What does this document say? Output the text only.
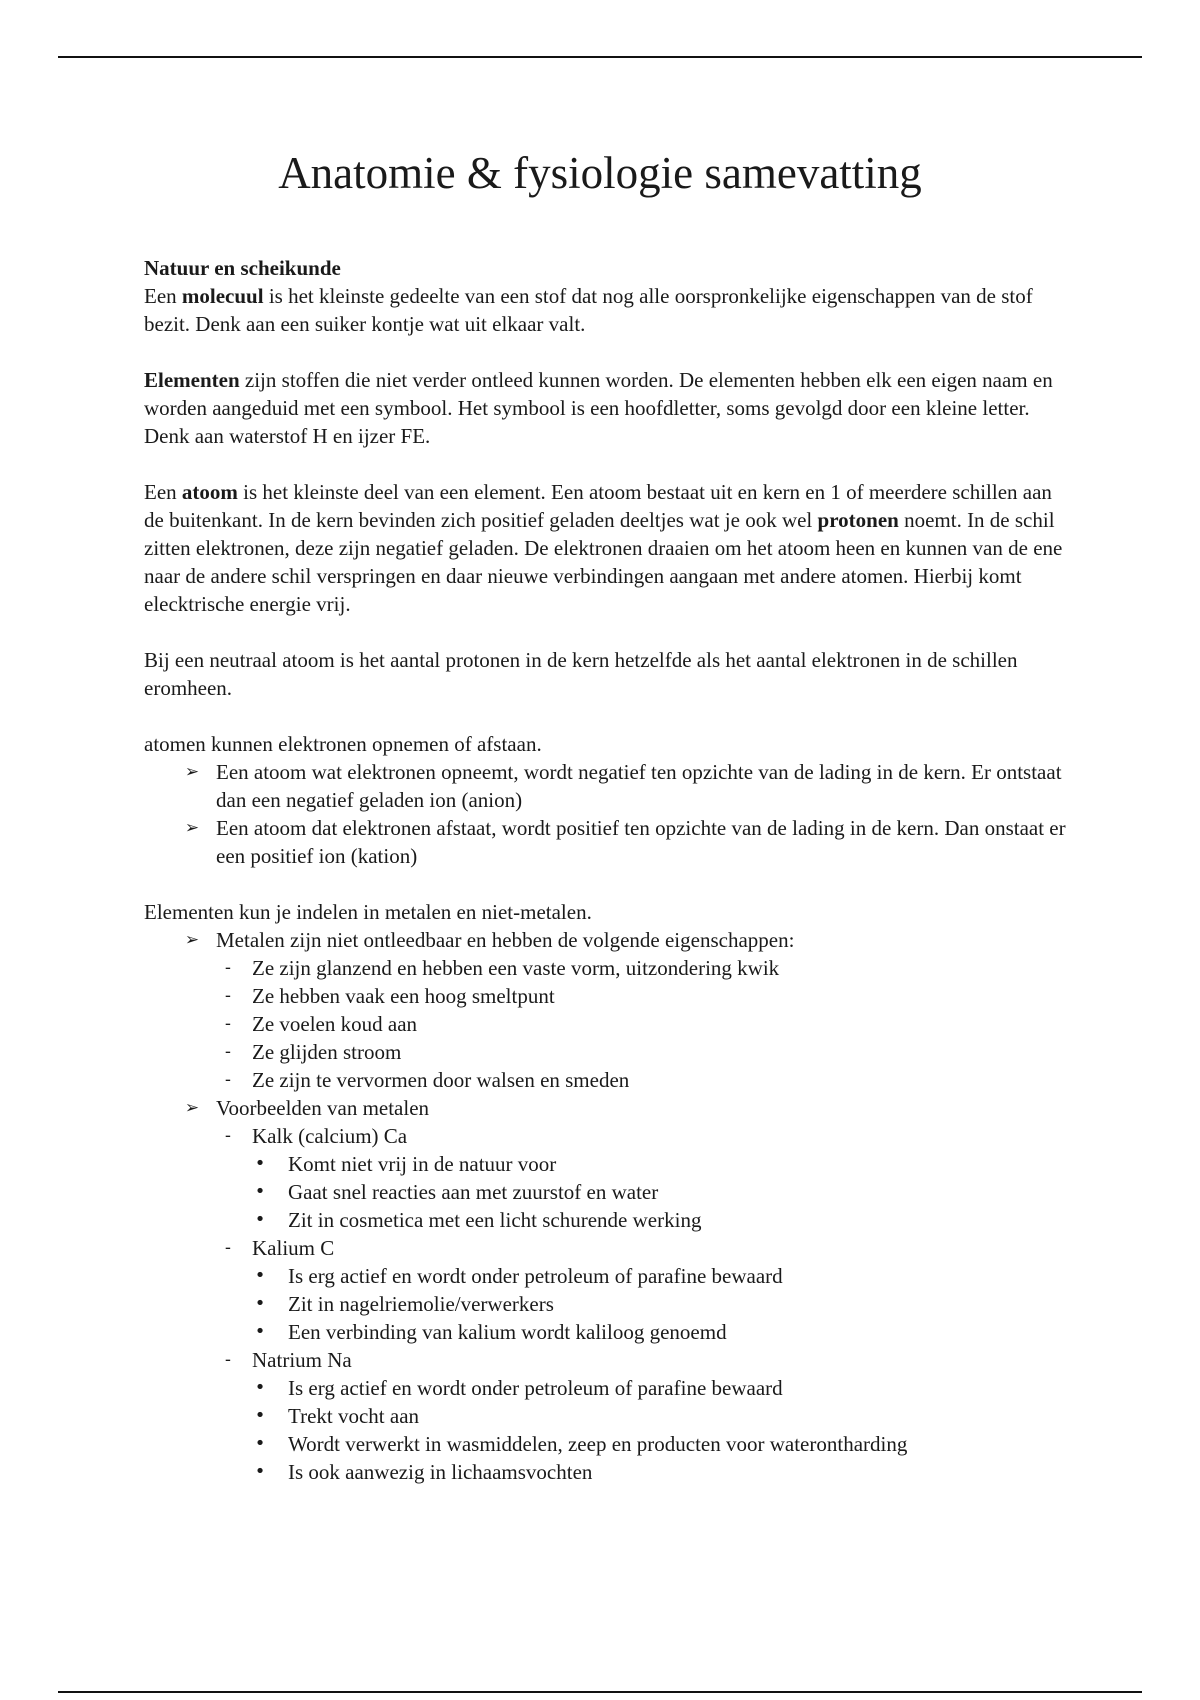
Anatomie & fysiologie samevatting

Natuur en scheikunde

Een molecuul is het kleinste gedeelte van een stof dat nog alle oorspronkelijke eigenschappen van de stof bezit. Denk aan een suiker kontje wat uit elkaar valt.

Elementen zijn stoffen die niet verder ontleed kunnen worden. De elementen hebben elk een eigen naam en worden aangeduid met een symbool. Het symbool is een hoofdletter, soms gevolgd door een kleine letter. Denk aan waterstof H en ijzer FE.

Een atoom is het kleinste deel van een element. Een atoom bestaat uit en kern en 1 of meerdere schillen aan de buitenkant. In de kern bevinden zich positief geladen deeltjes wat je ook wel protonen noemt. In de schil zitten elektronen, deze zijn negatief geladen. De elektronen draaien om het atoom heen en kunnen van de ene naar de andere schil verspringen en daar nieuwe verbindingen aangaan met andere atomen. Hierbij komt elecktrische energie vrij.

Bij een neutraal atoom is het aantal protonen in de kern hetzelfde als het aantal elektronen in de schillen eromheen.

atomen kunnen elektronen opnemen of afstaan.

➢ Een atoom wat elektronen opneemt, wordt negatief ten opzichte van de lading in de kern. Er ontstaat dan een negatief geladen ion (anion)
➢ Een atoom dat elektronen afstaat, wordt positief ten opzichte van de lading in de kern. Dan onstaat er een positief ion (kation)

Elementen kun je indelen in metalen en niet-metalen.

➢ Metalen zijn niet ontleedbaar en hebben de volgende eigenschappen:
- Ze zijn glanzend en hebben een vaste vorm, uitzondering kwik
- Ze hebben vaak een hoog smeltpunt
- Ze voelen koud aan
- Ze glijden stroom
- Ze zijn te vervormen door walsen en smeden
➢ Voorbeelden van metalen
- Kalk (calcium) Ca
• Komt niet vrij in de natuur voor
• Gaat snel reacties aan met zuurstof en water
• Zit in cosmetica met een licht schurende werking
- Kalium C
• Is erg actief en wordt onder petroleum of parafine bewaard
• Zit in nagelriemolie/verwerkers
• Een verbinding van kalium wordt kaliloog genoemd
- Natrium Na
• Is erg actief en wordt onder petroleum of parafine bewaard
• Trekt vocht aan
• Wordt verwerkt in wasmiddelen, zeep en producten voor waterontharding
• Is ook aanwezig in lichaamsvochten
